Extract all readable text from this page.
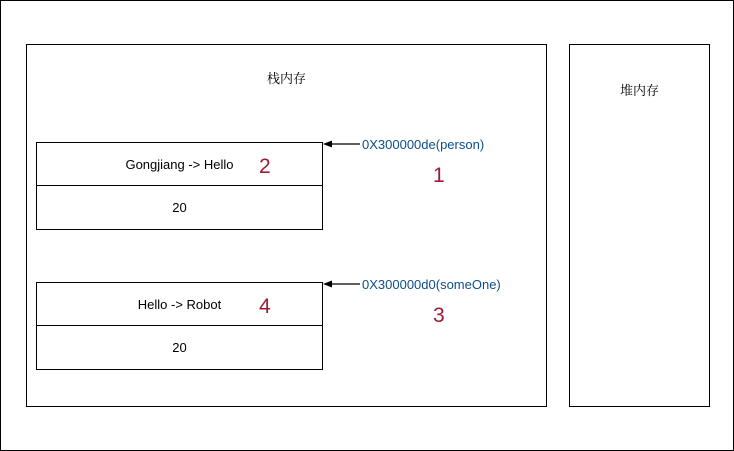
栈内存
堆内存
Gongjiang -> Hello
20
2
0X300000de(person)
1
Hello -> Robot
20
4
0X300000d0(someOne)
3
